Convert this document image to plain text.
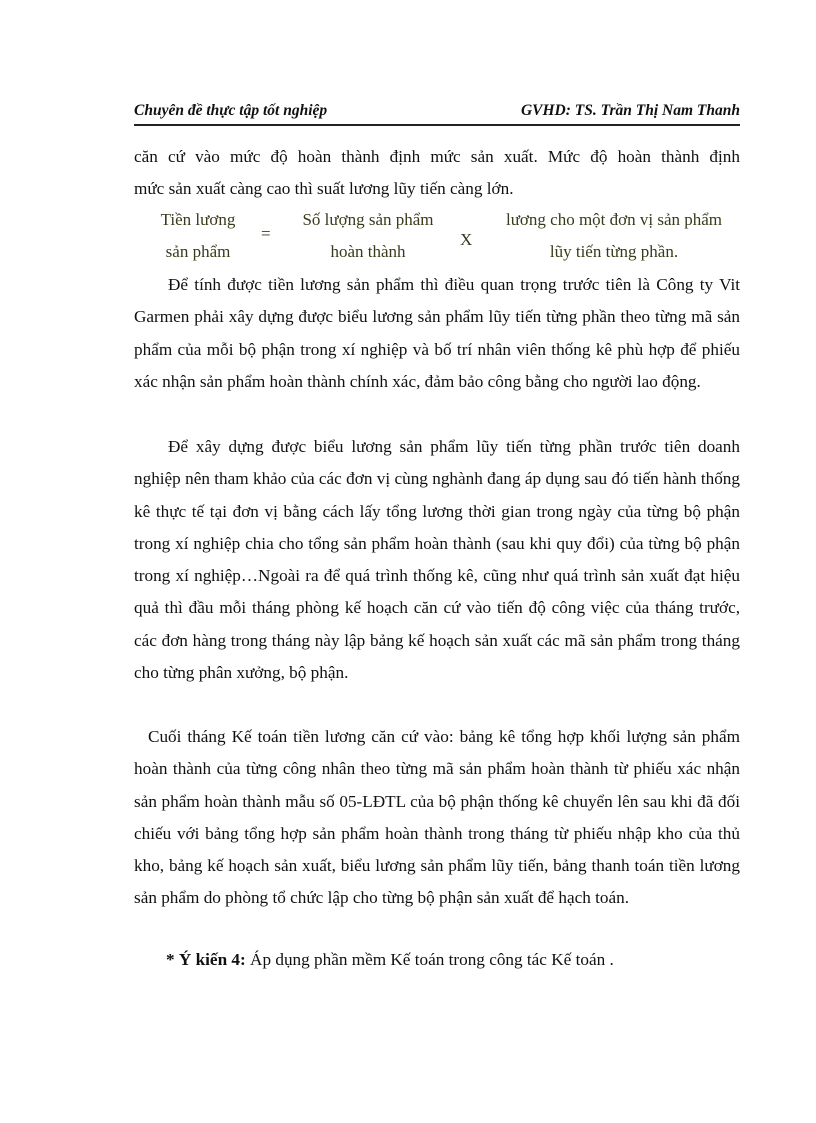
Chuyên đề thực tập tốt nghiệp	GVHD: TS. Trần Thị Nam Thanh
căn cứ vào mức độ hoàn thành định mức sản xuất. Mức độ hoàn thành định
mức sản xuất càng cao thì suất lương lũy tiến càng lớn.
Tiền lương
sản phẩm
=
Số lượng sản phẩm
hoàn thành
X
lương cho một đơn vị sản phẩm
lũy tiến từng phần.

Để tính được tiền lương sản phẩm thì điều quan trọng trước tiên là Công ty Vit Garmen phải xây dựng được biểu lương sản phẩm lũy tiến từng phần theo từng mã sản phẩm của mỗi bộ phận trong xí nghiệp và bố trí nhân viên thống kê phù hợp để phiếu xác nhận sản phẩm hoàn thành chính xác, đảm bảo công bằng cho người lao động.

Để xây dựng được biểu lương sản phẩm lũy tiến từng phần trước tiên doanh nghiệp nên tham khảo của các đơn vị cùng nghành đang áp dụng sau đó tiến hành thống kê thực tế tại đơn vị bằng cách lấy tổng lương thời gian trong ngày của từng bộ phận trong xí nghiệp chia cho tổng sản phẩm hoàn thành (sau khi quy đổi) của từng bộ phận trong xí nghiệp…Ngoài ra để quá trình thống kê, cũng như quá trình sản xuất đạt hiệu quả thì đầu mỗi tháng phòng kế hoạch căn cứ vào tiến độ công việc của tháng trước, các đơn hàng trong tháng này lập bảng kế hoạch sản xuất các mã sản phẩm trong tháng cho từng phân xưởng, bộ phận.

Cuối tháng Kế toán tiền lương căn cứ vào: bảng kê tổng hợp khối lượng sản phẩm hoàn thành của từng công nhân theo từng mã sản phẩm hoàn thành từ phiếu xác nhận sản phẩm hoàn thành mẫu số 05-LĐTL của bộ phận thống kê chuyển lên sau khi đã đối chiếu với bảng tổng hợp sản phẩm hoàn thành trong tháng từ phiếu nhập kho của thủ kho, bảng kế hoạch sản xuất, biểu lương sản phẩm lũy tiến, bảng thanh toán tiền lương sản phẩm do phòng tổ chức lập cho từng bộ phận sản xuất để hạch toán.

* Ý kiến 4: Áp dụng phần mềm Kế toán trong công tác Kế toán .
